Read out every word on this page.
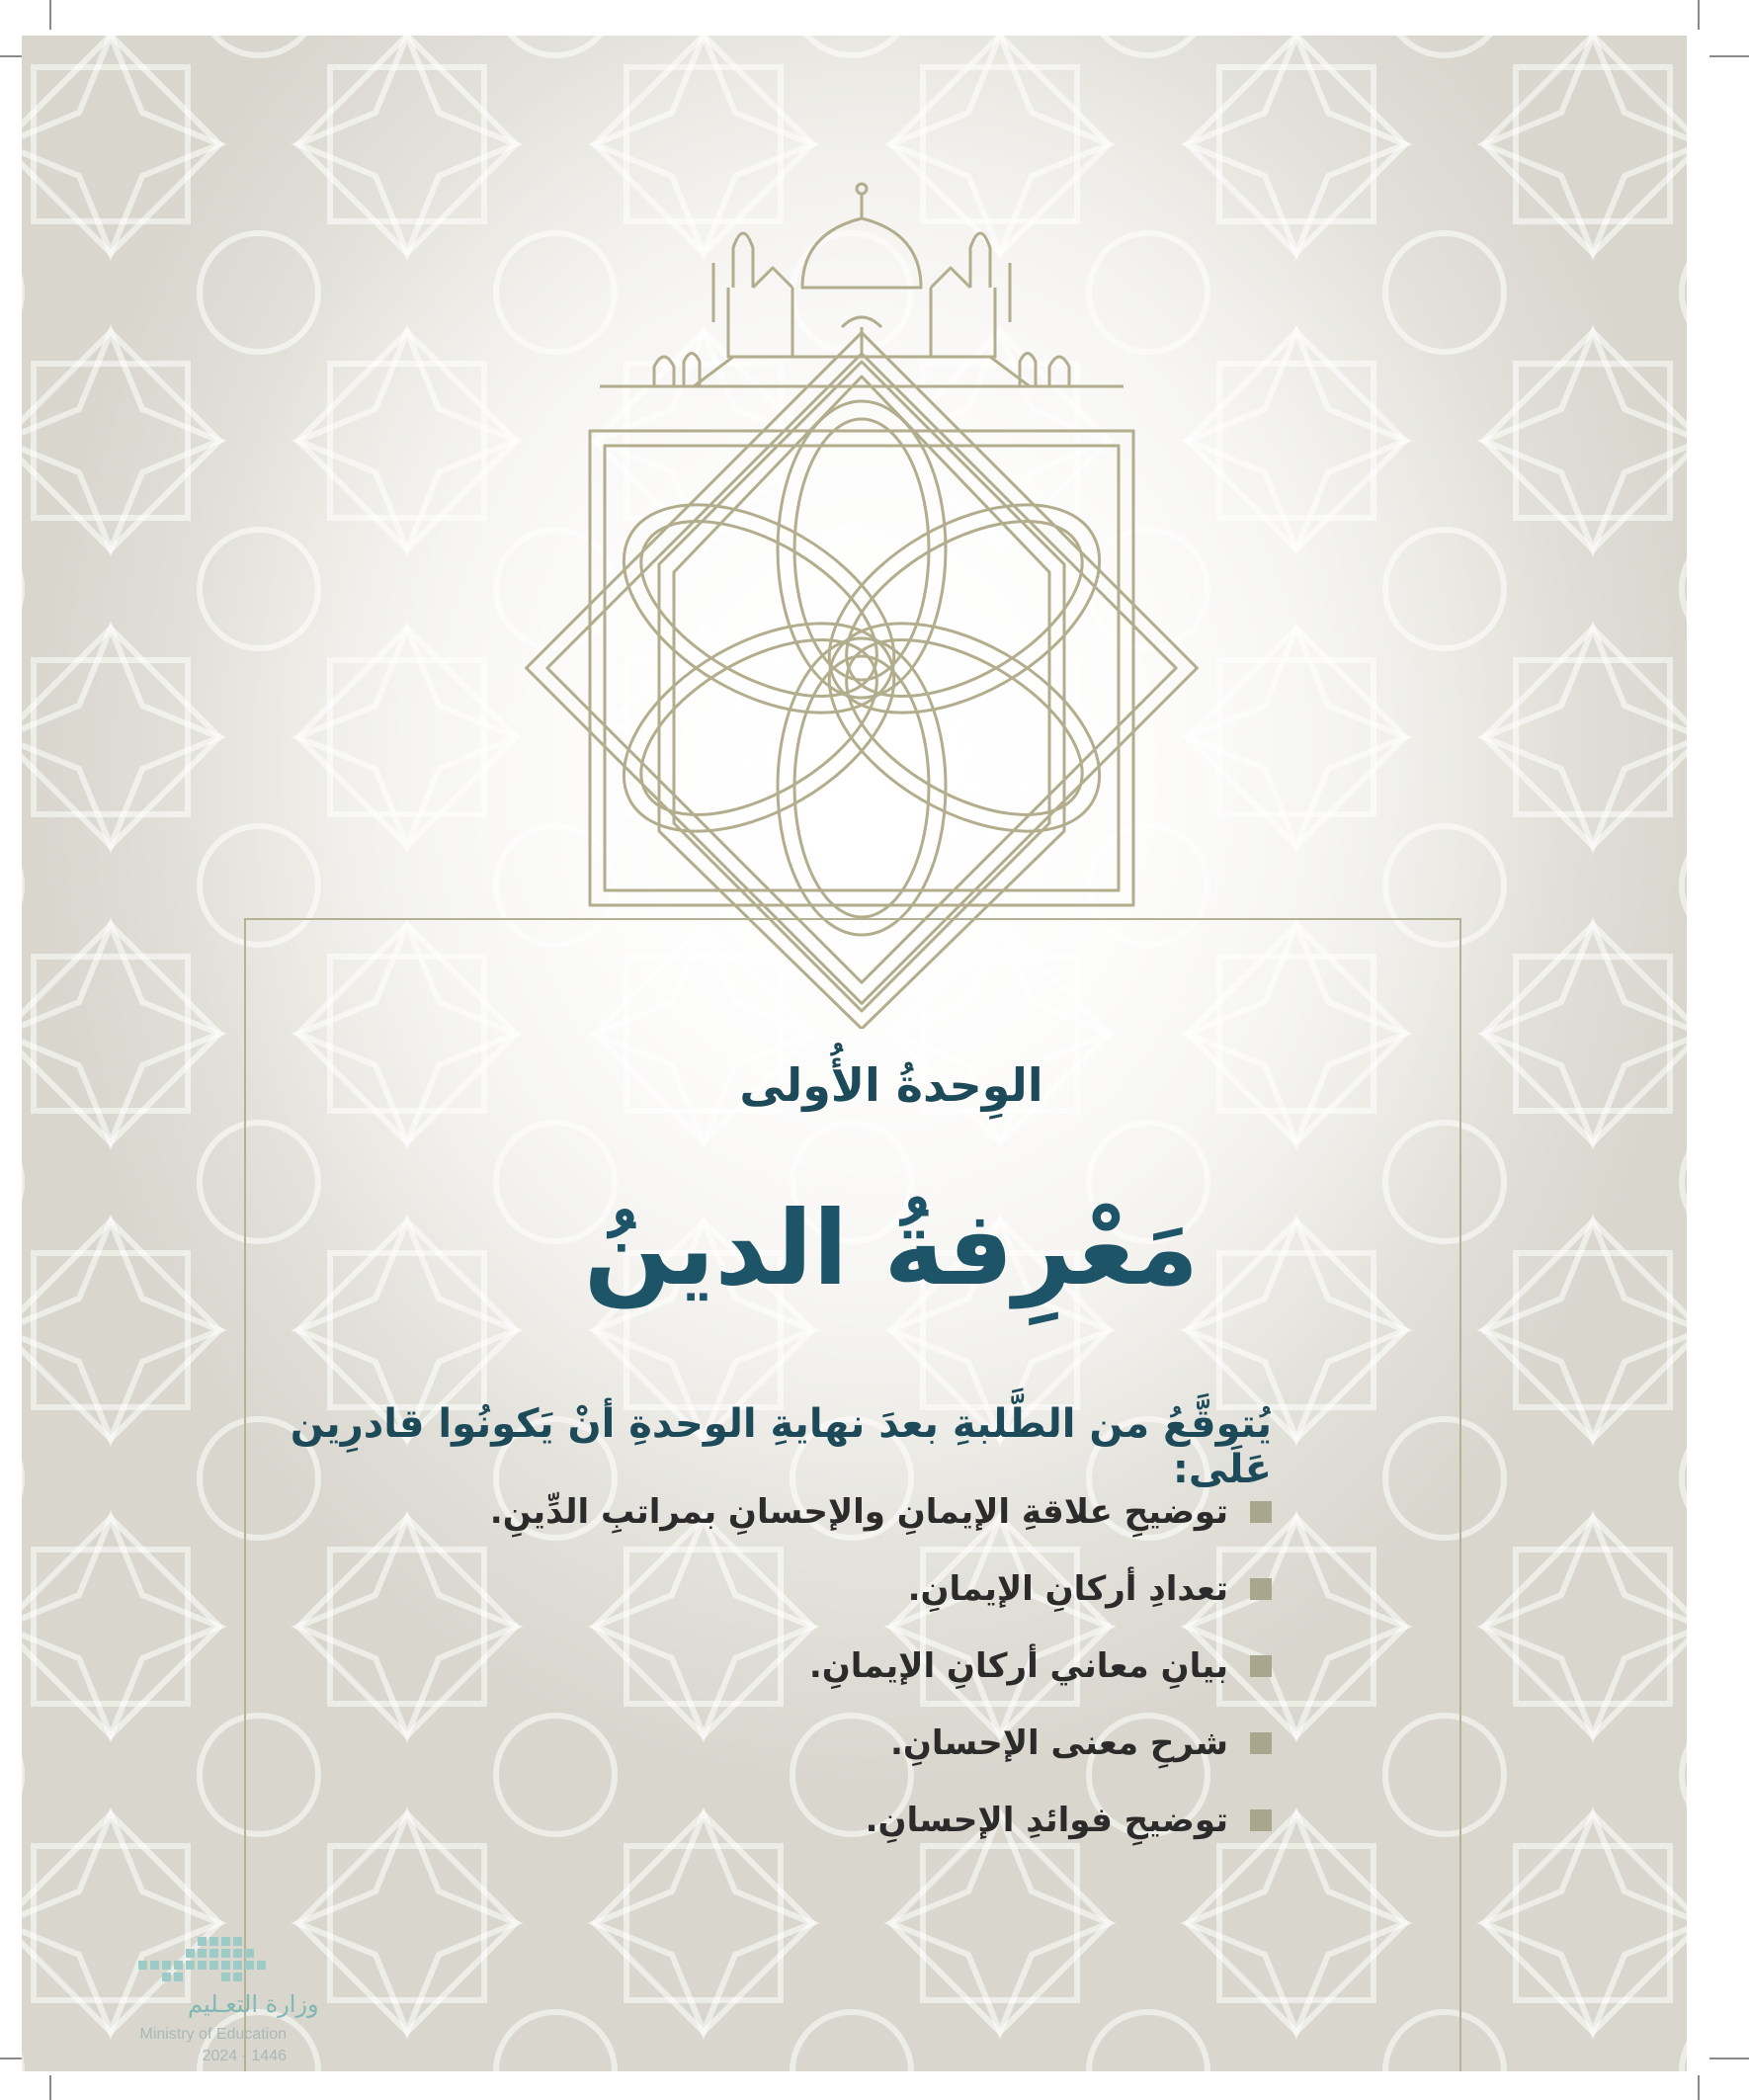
الوِحدةُ الأُولى
مَعْرِفةُ الدينُ
يُتوقَّعُ من الطَّلبةِ بعدَ نهايةِ الوحدةِ أنْ يَكونُوا قادرِين عَلَى:
توضيحِ علاقةِ الإيمانِ والإحسانِ بمراتبِ الدِّينِ.
تعدادِ أركانِ الإيمانِ.
بيانِ معاني أركانِ الإيمانِ.
شرحِ معنى الإحسانِ.
توضيحِ فوائدِ الإحسانِ.
وزارة التعـليم
Ministry of Education
2024 - 1446
